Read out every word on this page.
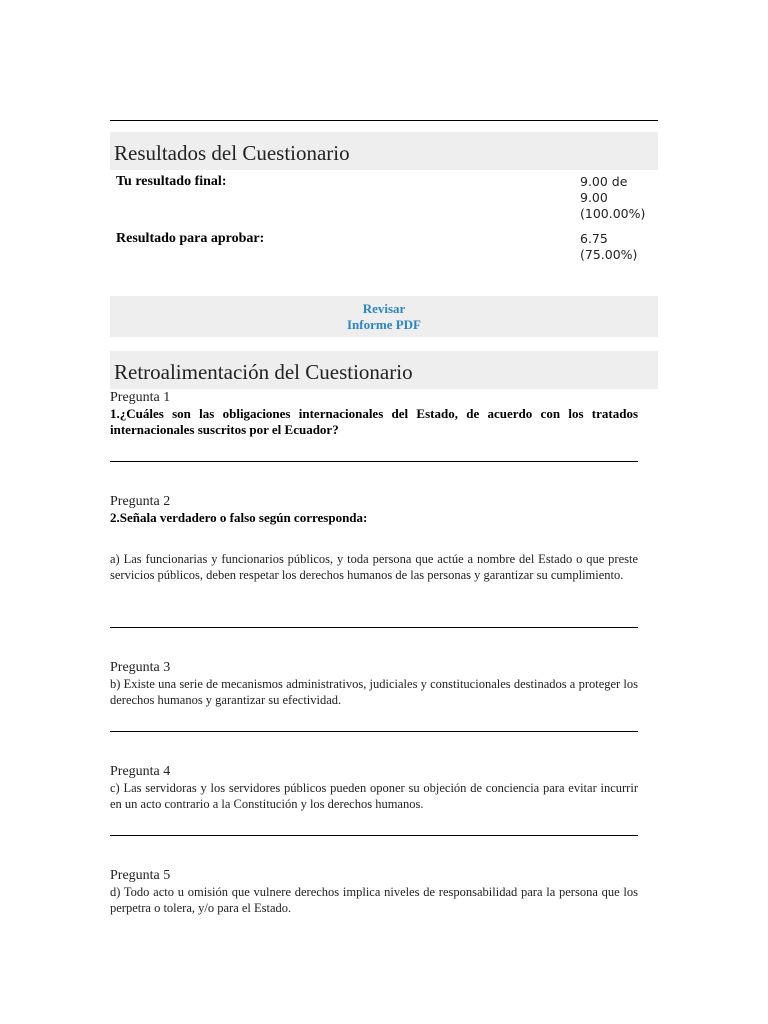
Resultados del Cuestionario
Tu resultado final:	9.00 de
9.00
(100.00%)
Resultado para aprobar:	6.75
(75.00%)
Revisar
Informe PDF
Retroalimentación del Cuestionario
Pregunta 1
1.¿Cuáles son las obligaciones internacionales del Estado, de acuerdo con los tratados internacionales suscritos por el Ecuador?
Pregunta 2
2.Señala verdadero o falso según corresponda:
a) Las funcionarias y funcionarios públicos, y toda persona que actúe a nombre del Estado o que preste servicios públicos, deben respetar los derechos humanos de las personas y garantizar su cumplimiento.
Pregunta 3
b) Existe una serie de mecanismos administrativos, judiciales y constitucionales destinados a proteger los derechos humanos y garantizar su efectividad.
Pregunta 4
c) Las servidoras y los servidores públicos pueden oponer su objeción de conciencia para evitar incurrir en un acto contrario a la Constitución y los derechos humanos.
Pregunta 5
d) Todo acto u omisión que vulnere derechos implica niveles de responsabilidad para la persona que los perpetra o tolera, y/o para el Estado.
